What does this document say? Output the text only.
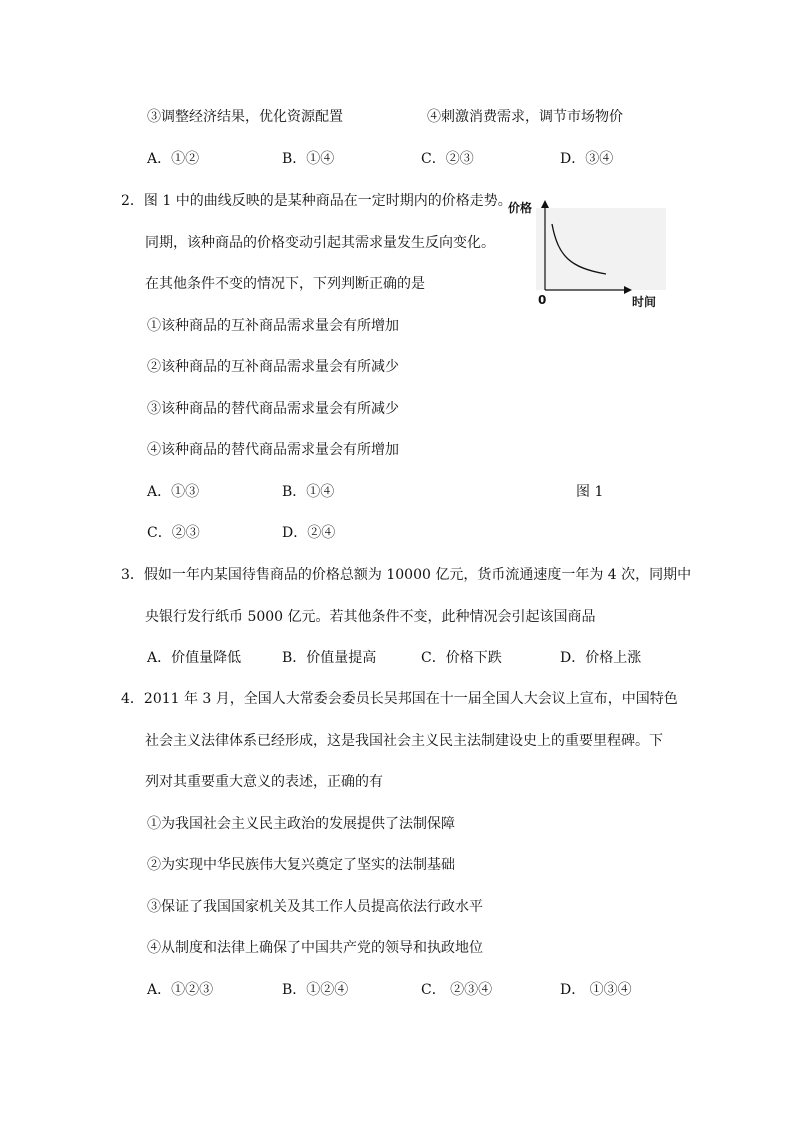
③调整经济结果，优化资源配置	④刺激消费需求，调节市场物价
A．①②	B．①④	C．②③	D．③④
2．图 1 中的曲线反映的是某种商品在一定时期内的价格走势。
同期，该种商品的价格变动引起其需求量发生反向变化。
在其他条件不变的情况下，下列判断正确的是
①该种商品的互补商品需求量会有所增加
②该种商品的互补商品需求量会有所减少
③该种商品的替代商品需求量会有所减少
④该种商品的替代商品需求量会有所增加
A．①③	B．①④	图 1
C．②③	D．②④
价格
时间
0
3．假如一年内某国待售商品的价格总额为 10000 亿元，货币流通速度一年为 4 次，同期中
央银行发行纸币 5000 亿元。若其他条件不变，此种情况会引起该国商品
A．价值量降低	B．价值量提高	C．价格下跌	D．价格上涨
4．2011 年 3 月，全国人大常委会委员长吴邦国在十一届全国人大会议上宣布，中国特色
社会主义法律体系已经形成，这是我国社会主义民主法制建设史上的重要里程碑。下
列对其重要重大意义的表述，正确的有
①为我国社会主义民主政治的发展提供了法制保障
②为实现中华民族伟大复兴奠定了坚实的法制基础
③保证了我国国家机关及其工作人员提高依法行政水平
④从制度和法律上确保了中国共产党的领导和执政地位
A．①②③	B．①②④	C． ②③④	D． ①③④
